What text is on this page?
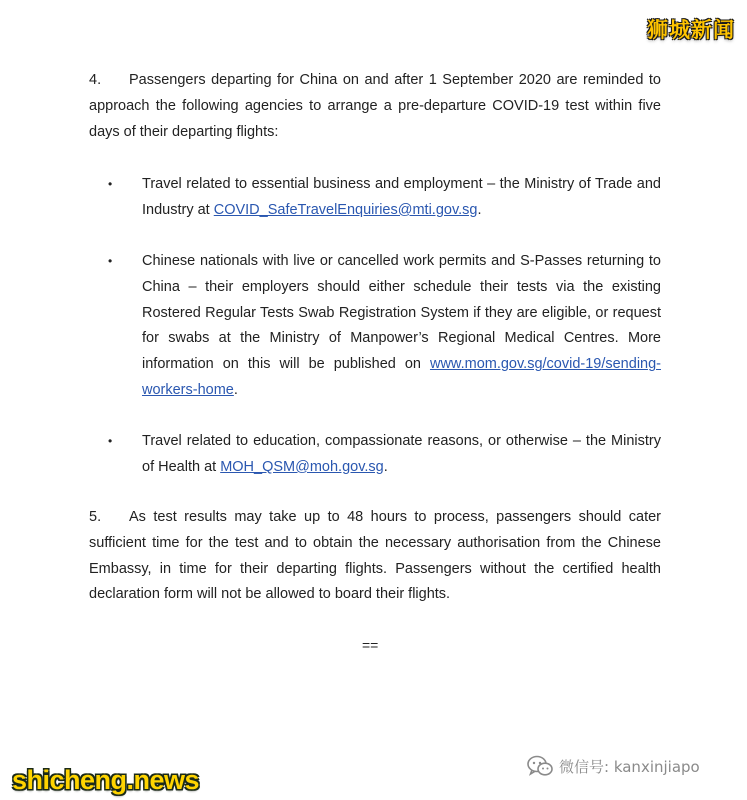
狮城新闻

4. Passengers departing for China on and after 1 September 2020 are reminded to approach the following agencies to arrange a pre-departure COVID-19 test within five days of their departing flights:

•	Travel related to essential business and employment – the Ministry of Trade and Industry at COVID_SafeTravelEnquiries@mti.gov.sg.
•	Chinese nationals with live or cancelled work permits and S-Passes returning to China – their employers should either schedule their tests via the existing Rostered Regular Tests Swab Registration System if they are eligible, or request for swabs at the Ministry of Manpower’s Regional Medical Centres. More information on this will be published on www.mom.gov.sg/covid-19/sending-workers-home.
•	Travel related to education, compassionate reasons, or otherwise – the Ministry of Health at MOH_QSM@moh.gov.sg.

5. As test results may take up to 48 hours to process, passengers should cater sufficient time for the test and to obtain the necessary authorisation from the Chinese Embassy, in time for their departing flights. Passengers without the certified health declaration form will not be allowed to board their flights.

==
shicheng.news	微信号: kanxinjiapo
